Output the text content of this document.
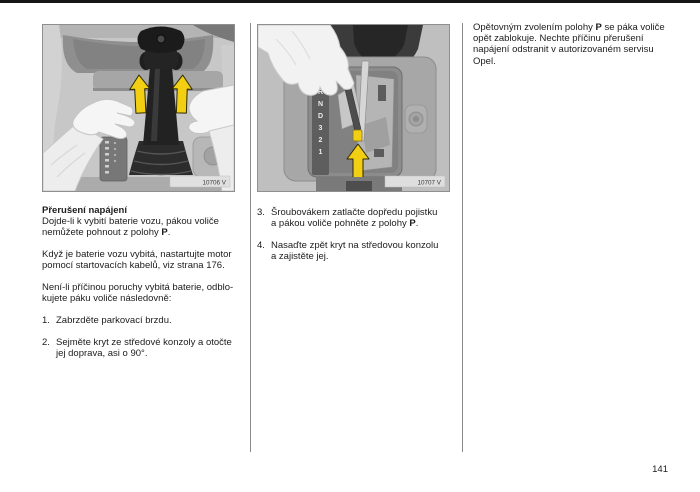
10706 V
R
N
D
3
2
1
10707 V
Přerušení napájení
Dojde-li k vybití baterie vozu, pákou voliče
nemůžete pohnout z polohy P.
Když je baterie vozu vybitá, nastartujte motor
pomocí startovacích kabelů, viz strana 176.
Není-li příčinou poruchy vybitá baterie, odblo-
kujete páku voliče následovně:
1. Zabrzděte parkovací brzdu.
2. Sejměte kryt ze středové konzoly a otočte
jej doprava, asi o 90°.
3. Šroubovákem zatlačte dopředu pojistku
a pákou voliče pohněte z polohy P.
4. Nasaďte zpět kryt na středovou konzolu
a zajistěte jej.
Opětovným zvolením polohy P se páka voliče
opět zablokuje. Nechte příčinu přerušení
napájení odstranit v autorizovaném servisu
Opel.
141
